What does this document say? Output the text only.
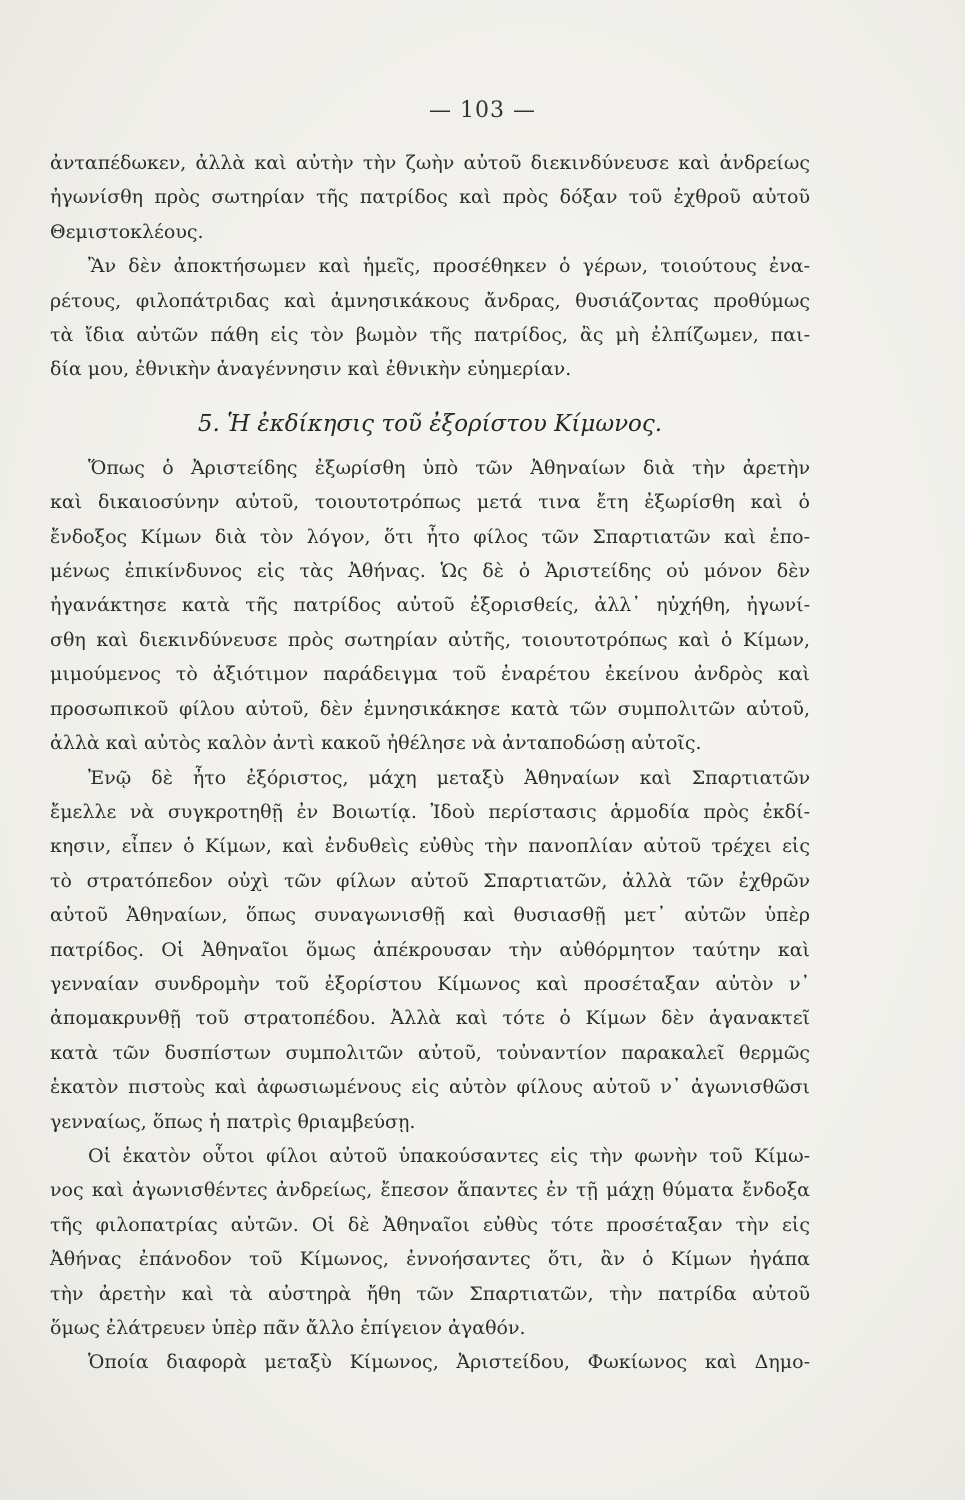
— 103 —
ἀνταπέδωκεν, ἀλλὰ καὶ αὐτὴν τὴν ζωὴν αὐτοῦ διεκινδύνευσε καὶ ἀνδρείως
ἠγωνίσθη πρὸς σωτηρίαν τῆς πατρίδος καὶ πρὸς δόξαν τοῦ ἐχθροῦ αὐτοῦ
Θεμιστοκλέους.
Ἂν δὲν ἀποκτήσωμεν καὶ ἡμεῖς, προσέθηκεν ὁ γέρων, τοιούτους ἐνα-
ρέτους, φιλοπάτριδας καὶ ἀμνησικάκους ἄνδρας, θυσιάζοντας προθύμως
τὰ ἴδια αὐτῶν πάθη εἰς τὸν βωμὸν τῆς πατρίδος, ἂς μὴ ἐλπίζωμεν, παι-
δία μου, ἐθνικὴν ἀναγέννησιν καὶ ἐθνικὴν εὐημερίαν.
5. Ἡ ἐκδίκησις τοῦ ἐξορίστου Κίμωνος.
Ὅπως ὁ Ἀριστείδης ἐξωρίσθη ὑπὸ τῶν Ἀθηναίων διὰ τὴν ἀρετὴν
καὶ δικαιοσύνην αὐτοῦ, τοιουτοτρόπως μετά τινα ἔτη ἐξωρίσθη καὶ ὁ
ἔνδοξος Κίμων διὰ τὸν λόγον, ὅτι ἦτο φίλος τῶν Σπαρτιατῶν καὶ ἑπο-
μένως ἐπικίνδυνος εἰς τὰς Ἀθήνας. Ὡς δὲ ὁ Ἀριστείδης οὐ μόνον δὲν
ἠγανάκτησε κατὰ τῆς πατρίδος αὐτοῦ ἐξορισθείς, ἀλλ᾽ ηὐχήθη, ἠγωνί-
σθη καὶ διεκινδύνευσε πρὸς σωτηρίαν αὐτῆς, τοιουτοτρόπως καὶ ὁ Κίμων,
μιμούμενος τὸ ἀξιότιμον παράδειγμα τοῦ ἐναρέτου ἐκείνου ἀνδρὸς καὶ
προσωπικοῦ φίλου αὐτοῦ, δὲν ἐμνησικάκησε κατὰ τῶν συμπολιτῶν αὐτοῦ,
ἀλλὰ καὶ αὐτὸς καλὸν ἀντὶ κακοῦ ἠθέλησε νὰ ἀνταποδώσῃ αὐτοῖς.
Ἐνῷ δὲ ἦτο ἐξόριστος, μάχη μεταξὺ Ἀθηναίων καὶ Σπαρτιατῶν
ἔμελλε νὰ συγκροτηθῇ ἐν Βοιωτίᾳ. Ἰδοὺ περίστασις ἁρμοδία πρὸς ἐκδί-
κησιν, εἶπεν ὁ Κίμων, καὶ ἐνδυθεὶς εὐθὺς τὴν πανοπλίαν αὐτοῦ τρέχει εἰς
τὸ στρατόπεδον οὐχὶ τῶν φίλων αὐτοῦ Σπαρτιατῶν, ἀλλὰ τῶν ἐχθρῶν
αὐτοῦ Ἀθηναίων, ὅπως συναγωνισθῇ καὶ θυσιασθῇ μετ᾽ αὐτῶν ὑπὲρ
πατρίδος. Οἱ Ἀθηναῖοι ὅμως ἀπέκρουσαν τὴν αὐθόρμητον ταύτην καὶ
γενναίαν συνδρομὴν τοῦ ἐξορίστου Κίμωνος καὶ προσέταξαν αὐτὸν ν᾽
ἀπομακρυνθῇ τοῦ στρατοπέδου. Ἀλλὰ καὶ τότε ὁ Κίμων δὲν ἀγανακτεῖ
κατὰ τῶν δυσπίστων συμπολιτῶν αὐτοῦ, τοὐναντίον παρακαλεῖ θερμῶς
ἑκατὸν πιστοὺς καὶ ἀφωσιωμένους εἰς αὐτὸν φίλους αὐτοῦ ν᾽ ἀγωνισθῶσι
γενναίως, ὅπως ἡ πατρὶς θριαμβεύσῃ.
Οἱ ἑκατὸν οὗτοι φίλοι αὐτοῦ ὑπακούσαντες εἰς τὴν φωνὴν τοῦ Κίμω-
νος καὶ ἀγωνισθέντες ἀνδρείως, ἔπεσον ἅπαντες ἐν τῇ μάχῃ θύματα ἔνδοξα
τῆς φιλοπατρίας αὐτῶν. Οἱ δὲ Ἀθηναῖοι εὐθὺς τότε προσέταξαν τὴν εἰς
Ἀθήνας ἐπάνοδον τοῦ Κίμωνος, ἐννοήσαντες ὅτι, ἂν ὁ Κίμων ἠγάπα
τὴν ἀρετὴν καὶ τὰ αὐστηρὰ ἤθη τῶν Σπαρτιατῶν, τὴν πατρίδα αὐτοῦ
ὅμως ἐλάτρευεν ὑπὲρ πᾶν ἄλλο ἐπίγειον ἀγαθόν.
Ὁποία διαφορὰ μεταξὺ Κίμωνος, Ἀριστείδου, Φωκίωνος καὶ Δημο-
